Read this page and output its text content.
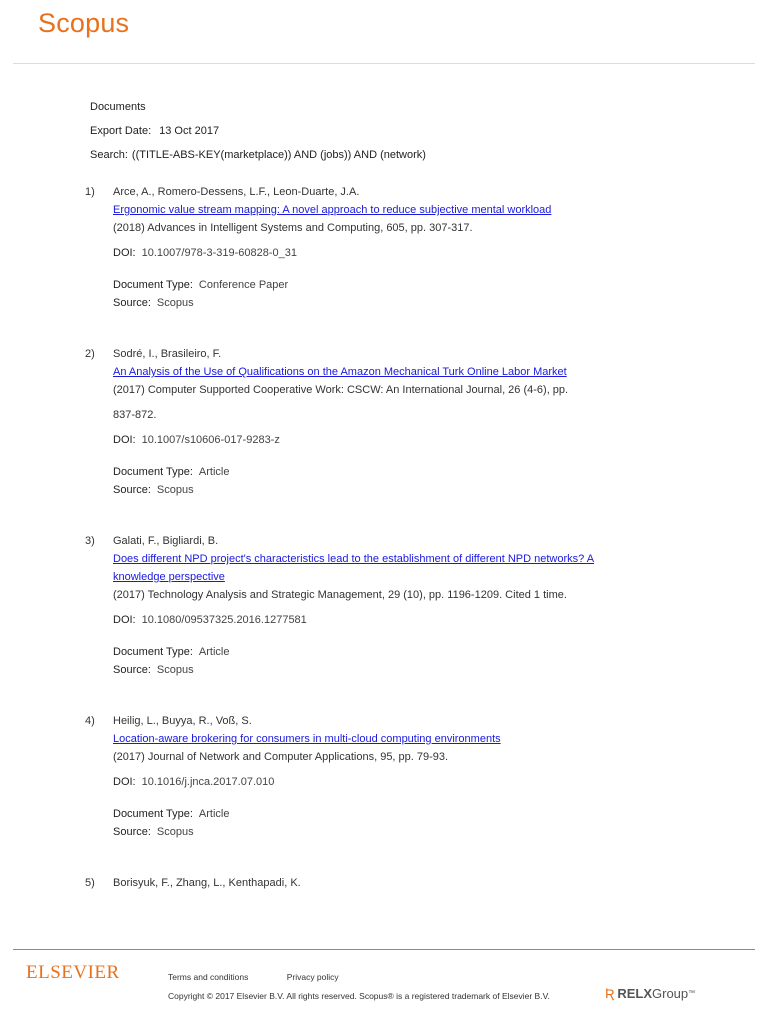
Scopus
Documents
Export Date: 13 Oct 2017
Search: ((TITLE-ABS-KEY(marketplace)) AND (jobs)) AND (network)
1)	Arce, A., Romero-Dessens, L.F., Leon-Duarte, J.A.
Ergonomic value stream mapping: A novel approach to reduce subjective mental workload
(2018) Advances in Intelligent Systems and Computing, 605, pp. 307-317.
DOI: 10.1007/978-3-319-60828-0_31
Document Type: Conference Paper
Source: Scopus
2)	Sodré, I., Brasileiro, F.
An Analysis of the Use of Qualifications on the Amazon Mechanical Turk Online Labor Market
(2017) Computer Supported Cooperative Work: CSCW: An International Journal, 26 (4-6), pp.
837-872.
DOI: 10.1007/s10606-017-9283-z
Document Type: Article
Source: Scopus
3)	Galati, F., Bigliardi, B.
Does different NPD project's characteristics lead to the establishment of different NPD networks? A
knowledge perspective
(2017) Technology Analysis and Strategic Management, 29 (10), pp. 1196-1209. Cited 1 time.
DOI: 10.1080/09537325.2016.1277581
Document Type: Article
Source: Scopus
4)	Heilig, L., Buyya, R., Voß, S.
Location-aware brokering for consumers in multi-cloud computing environments
(2017) Journal of Network and Computer Applications, 95, pp. 79-93.
DOI: 10.1016/j.jnca.2017.07.010
Document Type: Article
Source: Scopus
5)	Borisyuk, F., Zhang, L., Kenthapadi, K.
ELSEVIER	Terms and conditions	Privacy policy
Copyright © 2017 Elsevier B.V. All rights reserved. Scopus® is a registered trademark of Elsevier B.V.	Ʀ RELX Group ™
